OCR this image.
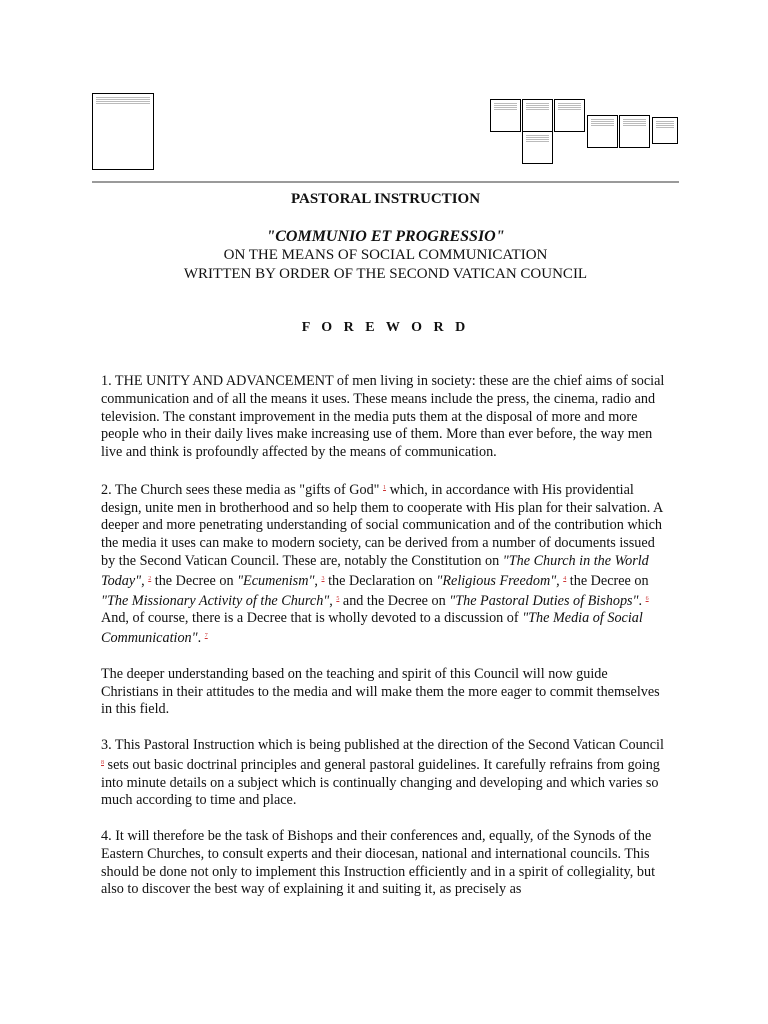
PASTORAL INSTRUCTION
"COMMUNIO ET PROGRESSIO"
ON THE MEANS OF SOCIAL COMMUNICATION
WRITTEN BY ORDER OF THE SECOND VATICAN COUNCIL
F O R E W O R D

1. THE UNITY AND ADVANCEMENT of men living in society: these are the chief aims of social communication and of all the means it uses. These means include the press, the cinema, radio and television. The constant improvement in the media puts them at the disposal of more and more people who in their daily lives make increasing use of them. More than ever before, the way men live and think is profoundly affected by the means of communication.

2. The Church sees these media as "gifts of God" $^1$ which, in accordance with His providential design, unite men in brotherhood and so help them to cooperate with His plan for their salvation. A deeper and more penetrating understanding of social communication and of the contribution which the media it uses can make to modern society, can be derived from a number of documents issued by the Second Vatican Council. These are, notably the Constitution on "The Church in the World Today", $^2$ the Decree on "Ecumenism", $^3$ the Declaration on "Religious Freedom", $^4$ the Decree on "The Missionary Activity of the Church", $^5$ and the Decree on "The Pastoral Duties of Bishops". $^6$ And, of course, there is a Decree that is wholly devoted to a discussion of "The Media of Social Communication". $^7$

The deeper understanding based on the teaching and spirit of this Council will now guide Christians in their attitudes to the media and will make them the more eager to commit themselves in this field.

3. This Pastoral Instruction which is being published at the direction of the Second Vatican Council $^8$ sets out basic doctrinal principles and general pastoral guidelines. It carefully refrains from going into minute details on a subject which is continually changing and developing and which varies so much according to time and place.

4. It will therefore be the task of Bishops and their conferences and, equally, of the Synods of the Eastern Churches, to consult experts and their diocesan, national and international councils. This should be done not only to implement this Instruction efficiently and in a spirit of collegiality, but also to discover the best way of explaining it and suiting it, as precisely as
